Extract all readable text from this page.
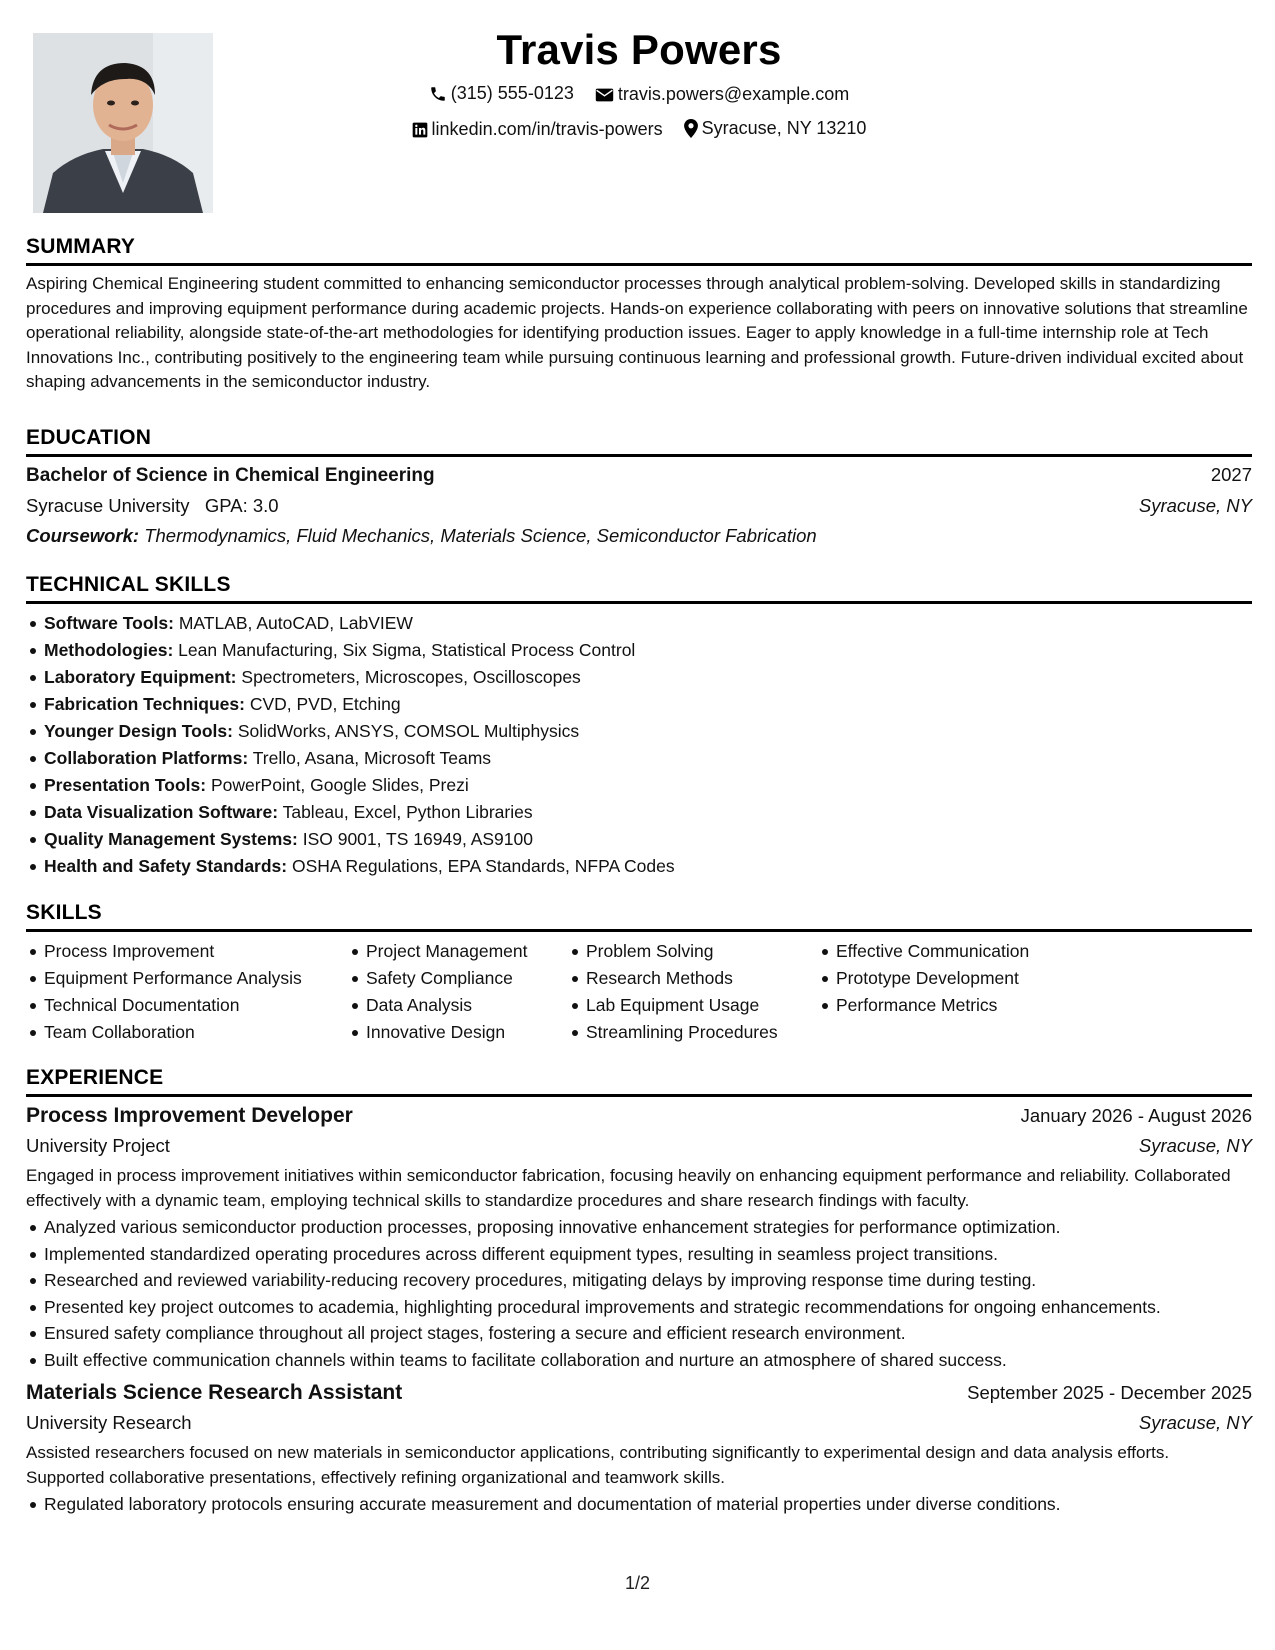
Travis Powers
(315) 555-0123
travis.powers@example.com
linkedin.com/in/travis-powers
Syracuse, NY 13210
SUMMARY
Aspiring Chemical Engineering student committed to enhancing semiconductor processes through analytical problem-solving. Developed skills in standardizing procedures and improving equipment performance during academic projects. Hands-on experience collaborating with peers on innovative solutions that streamline operational reliability, alongside state-of-the-art methodologies for identifying production issues. Eager to apply knowledge in a full-time internship role at Tech Innovations Inc., contributing positively to the engineering team while pursuing continuous learning and professional growth. Future-driven individual excited about shaping advancements in the semiconductor industry.
EDUCATION
Bachelor of Science in Chemical Engineering	2027
Syracuse University GPA: 3.0	Syracuse, NY
Coursework: Thermodynamics, Fluid Mechanics, Materials Science, Semiconductor Fabrication
TECHNICAL SKILLS
Software Tools: MATLAB, AutoCAD, LabVIEW
Methodologies: Lean Manufacturing, Six Sigma, Statistical Process Control
Laboratory Equipment: Spectrometers, Microscopes, Oscilloscopes
Fabrication Techniques: CVD, PVD, Etching
Younger Design Tools: SolidWorks, ANSYS, COMSOL Multiphysics
Collaboration Platforms: Trello, Asana, Microsoft Teams
Presentation Tools: PowerPoint, Google Slides, Prezi
Data Visualization Software: Tableau, Excel, Python Libraries
Quality Management Systems: ISO 9001, TS 16949, AS9100
Health and Safety Standards: OSHA Regulations, EPA Standards, NFPA Codes
SKILLS
Process Improvement
Equipment Performance Analysis
Technical Documentation
Team Collaboration
Project Management
Safety Compliance
Data Analysis
Innovative Design
Problem Solving
Research Methods
Lab Equipment Usage
Streamlining Procedures
Effective Communication
Prototype Development
Performance Metrics
EXPERIENCE
Process Improvement Developer	January 2026 - August 2026
University Project	Syracuse, NY
Engaged in process improvement initiatives within semiconductor fabrication, focusing heavily on enhancing equipment performance and reliability. Collaborated effectively with a dynamic team, employing technical skills to standardize procedures and share research findings with faculty.
Analyzed various semiconductor production processes, proposing innovative enhancement strategies for performance optimization.
Implemented standardized operating procedures across different equipment types, resulting in seamless project transitions.
Researched and reviewed variability-reducing recovery procedures, mitigating delays by improving response time during testing.
Presented key project outcomes to academia, highlighting procedural improvements and strategic recommendations for ongoing enhancements.
Ensured safety compliance throughout all project stages, fostering a secure and efficient research environment.
Built effective communication channels within teams to facilitate collaboration and nurture an atmosphere of shared success.
Materials Science Research Assistant	September 2025 - December 2025
University Research	Syracuse, NY
Assisted researchers focused on new materials in semiconductor applications, contributing significantly to experimental design and data analysis efforts. Supported collaborative presentations, effectively refining organizational and teamwork skills.
Regulated laboratory protocols ensuring accurate measurement and documentation of material properties under diverse conditions.
1/2
